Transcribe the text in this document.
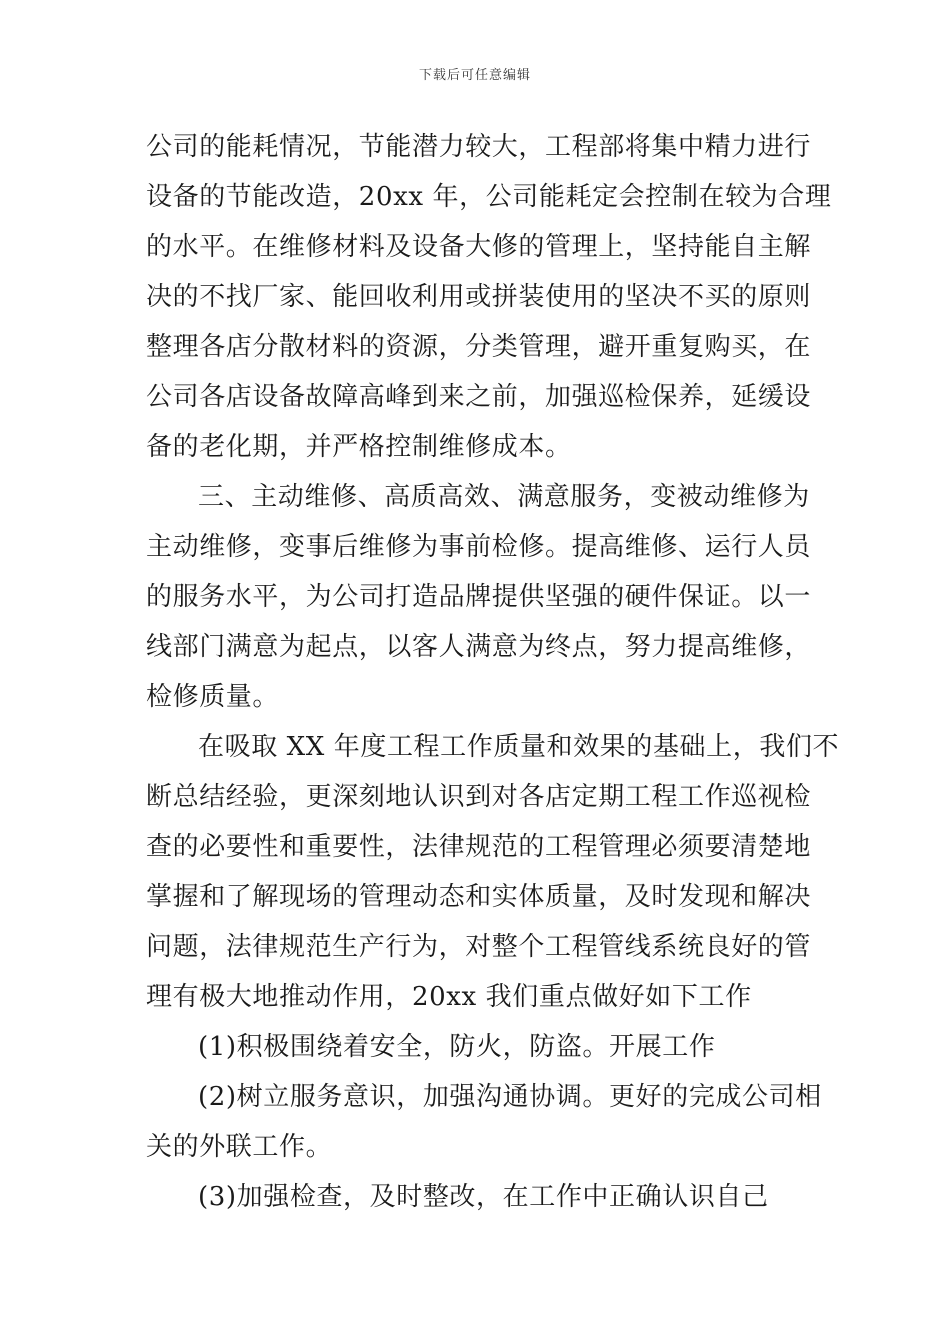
下载后可任意编辑
公司的能耗情况，节能潜力较大，工程部将集中精力进行
设备的节能改造，20xx 年，公司能耗定会控制在较为合理
的水平。在维修材料及设备大修的管理上，坚持能自主解
决的不找厂家、能回收利用或拼装使用的坚决不买的原则
整理各店分散材料的资源，分类管理，避开重复购买，在
公司各店设备故障高峰到来之前，加强巡检保养，延缓设
备的老化期，并严格控制维修成本。
三、主动维修、高质高效、满意服务，变被动维修为
主动维修，变事后维修为事前检修。提高维修、运行人员
的服务水平，为公司打造品牌提供坚强的硬件保证。以一
线部门满意为起点，以客人满意为终点，努力提高维修，
检修质量。
在吸取 XX 年度工程工作质量和效果的基础上，我们不
断总结经验，更深刻地认识到对各店定期工程工作巡视检
查的必要性和重要性，法律规范的工程管理必须要清楚地
掌握和了解现场的管理动态和实体质量，及时发现和解决
问题，法律规范生产行为，对整个工程管线系统良好的管
理有极大地推动作用，20xx 我们重点做好如下工作
(1)积极围绕着安全，防火，防盗。开展工作
(2)树立服务意识，加强沟通协调。更好的完成公司相
关的外联工作。
(3)加强检查，及时整改，在工作中正确认识自己
